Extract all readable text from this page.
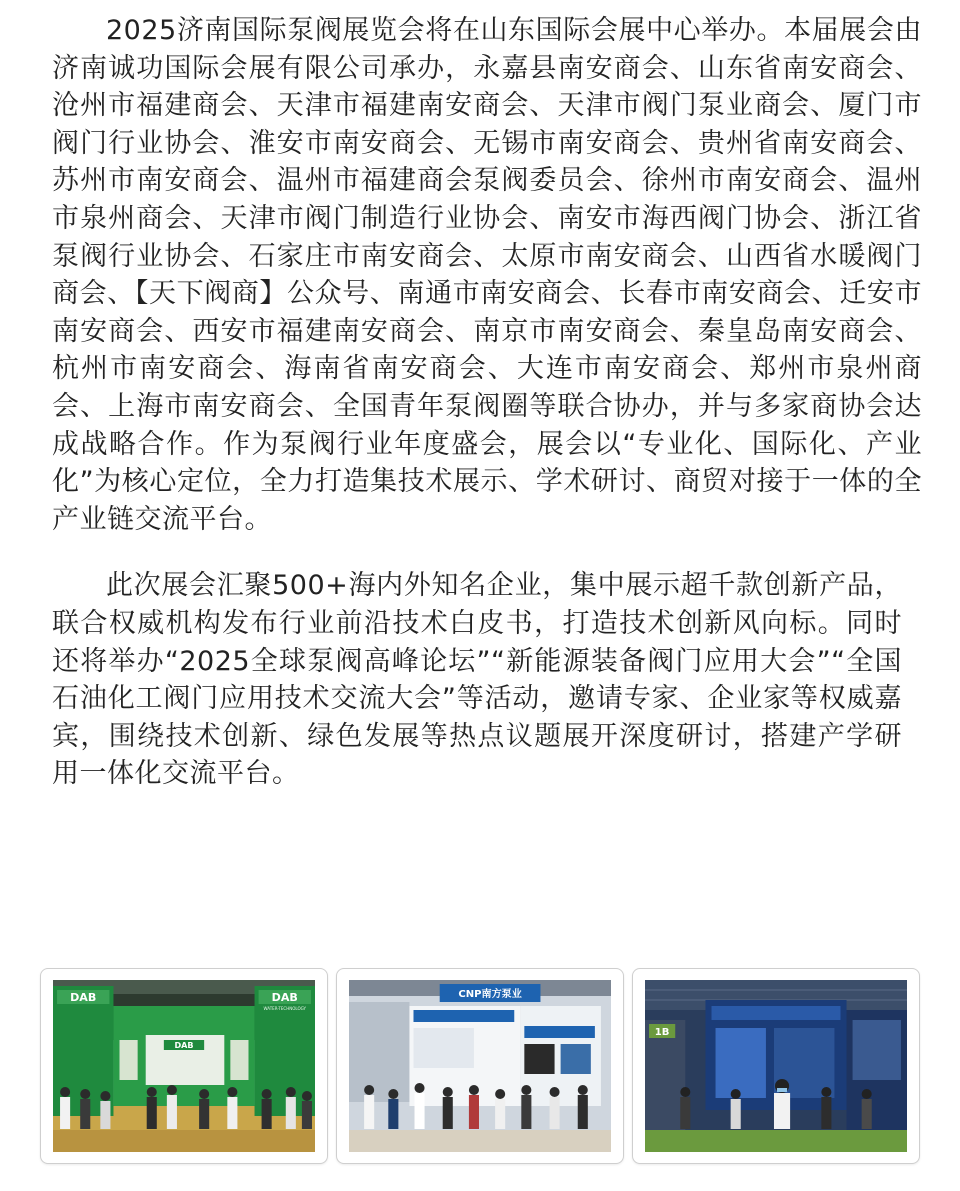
2025济南国际泵阀展览会将在山东国际会展中心举办。本届展会由济南诚功国际会展有限公司承办，永嘉县南安商会、山东省南安商会、沧州市福建商会、天津市福建南安商会、天津市阀门泵业商会、厦门市阀门行业协会、淮安市南安商会、无锡市南安商会、贵州省南安商会、苏州市南安商会、温州市福建商会泵阀委员会、徐州市南安商会、温州市泉州商会、天津市阀门制造行业协会、南安市海西阀门协会、浙江省泵阀行业协会、石家庄市南安商会、太原市南安商会、山西省水暖阀门商会、【天下阀商】公众号、南通市南安商会、长春市南安商会、迁安市南安商会、西安市福建南安商会、南京市南安商会、秦皇岛南安商会、杭州市南安商会、海南省南安商会、大连市南安商会、郑州市泉州商会、上海市南安商会、全国青年泵阀圈等联合协办，并与多家商协会达成战略合作。作为泵阀行业年度盛会，展会以“专业化、国际化、产业化”为核心定位，全力打造集技术展示、学术研讨、商贸对接于一体的全产业链交流平台。

此次展会汇聚500+海内外知名企业，集中展示超千款创新产品，联合权威机构发布行业前沿技术白皮书，打造技术创新风向标。同时还将举办“2025全球泵阀高峰论坛”“新能源装备阀门应用大会”“全国石油化工阀门应用技术交流大会”等活动，邀请专家、企业家等权威嘉宾，围绕技术创新、绿色发展等热点议题展开深度研讨，搭建产学研用一体化交流平台。

DAB	DAB
WATER-TECHNOLOGY
DAB
CNP南方泵业
1B
